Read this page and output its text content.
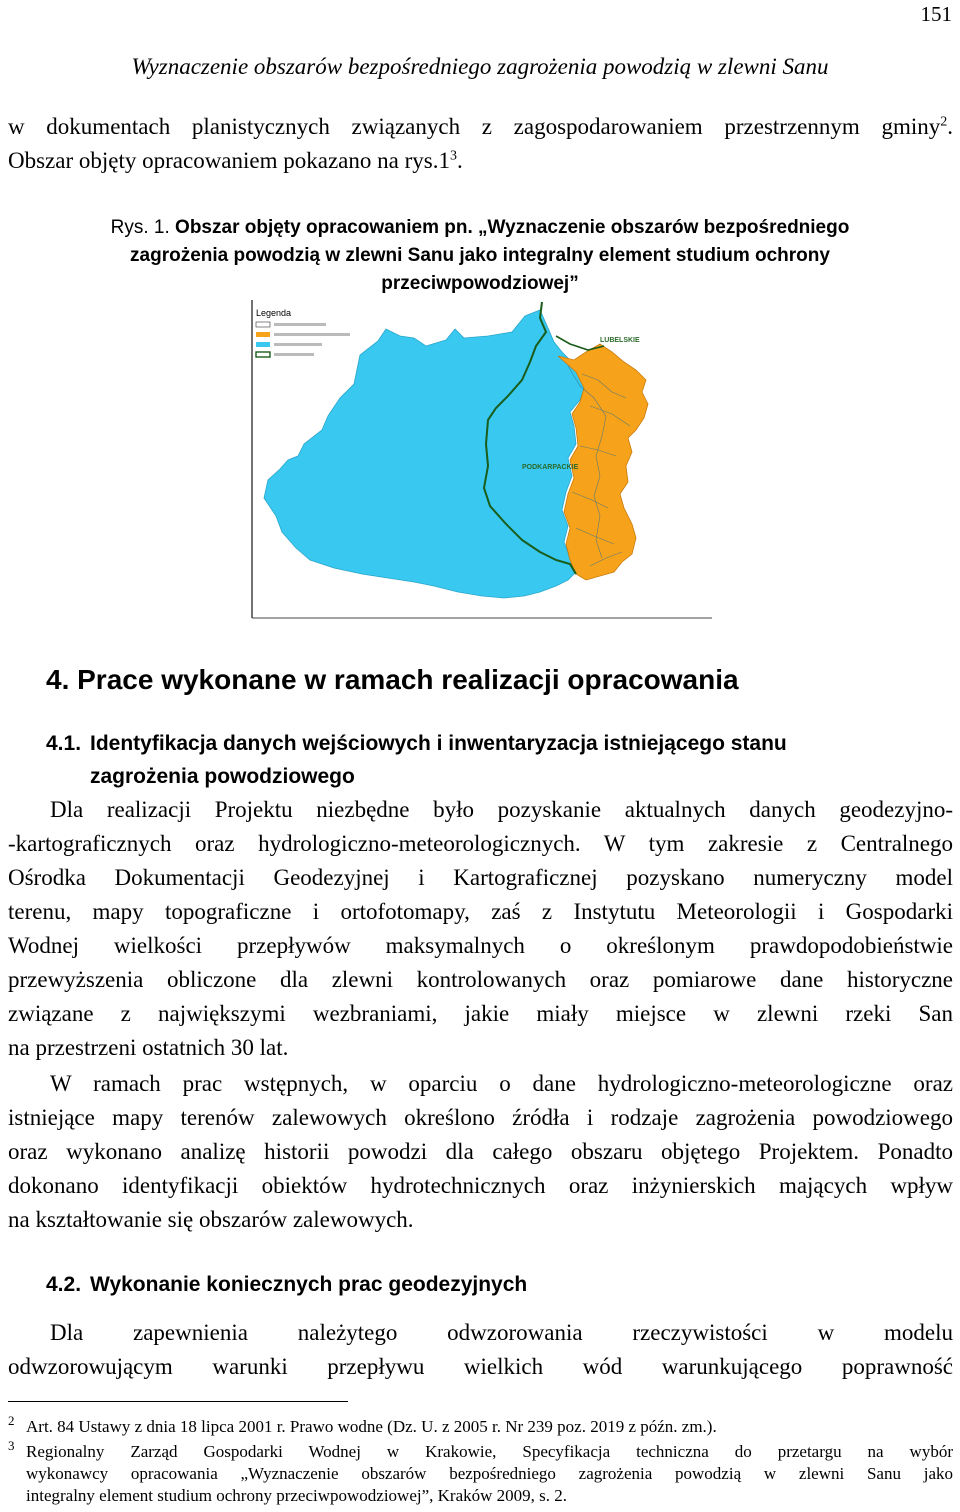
151
Wyznaczenie obszarów bezpośredniego zagrożenia powodzią w zlewni Sanu
w dokumentach planistycznych związanych z zagospodarowaniem przestrzennym gminy$^2$.
Obszar objęty opracowaniem pokazano na $rys.1^3$.
Rys. 1. Obszar objęty opracowaniem pn. „Wyznaczenie obszarów bezpośredniego
zagrożenia powodzią w zlewni Sanu jako integralny element studium ochrony
przeciwpowodziowej”
Legenda
LUBELSKIE
PODKARPACKIE
4. Prace wykonane w ramach realizacji opracowania
4.1. Identyfikacja danych wejściowych i inwentaryzacja istniejącego stanu
zagrożenia powodziowego
Dla realizacji Projektu niezbędne było pozyskanie aktualnych danych geodezyjno-
-kartograficznych oraz hydrologiczno-meteorologicznych. W tym zakresie z Centralnego
Ośrodka Dokumentacji Geodezyjnej i Kartograficznej pozyskano numeryczny model
terenu, mapy topograficzne i ortofotomapy, zaś z Instytutu Meteorologii i Gospodarki
Wodnej wielkości przepływów maksymalnych o określonym prawdopodobieństwie
przewyższenia obliczone dla zlewni kontrolowanych oraz pomiarowe dane historyczne
związane z największymi wezbraniami, jakie miały miejsce w zlewni rzeki San
na przestrzeni ostatnich 30 lat.
W ramach prac wstępnych, w oparciu o dane hydrologiczno-meteorologiczne oraz
istniejące mapy terenów zalewowych określono źródła i rodzaje zagrożenia powodziowego
oraz wykonano analizę historii powodzi dla całego obszaru objętego Projektem. Ponadto
dokonano identyfikacji obiektów hydrotechnicznych oraz inżynierskich mających wpływ
na kształtowanie się obszarów zalewowych.
4.2. Wykonanie koniecznych prac geodezyjnych
Dla zapewnienia należytego odwzorowania rzeczywistości w modelu
odwzorowującym warunki przepływu wielkich wód warunkującego poprawność
2 Art. 84 Ustawy z dnia 18 lipca 2001 r. Prawo wodne (Dz. U. z 2005 r. Nr 239 poz. 2019 z późn. zm.).
3 Regionalny Zarząd Gospodarki Wodnej w Krakowie, Specyfikacja techniczna do przetargu na wybór
wykonawcy opracowania „Wyznaczenie obszarów bezpośredniego zagrożenia powodzią w zlewni Sanu jako
integralny element studium ochrony przeciwpowodziowej”, Kraków 2009, s. 2.
